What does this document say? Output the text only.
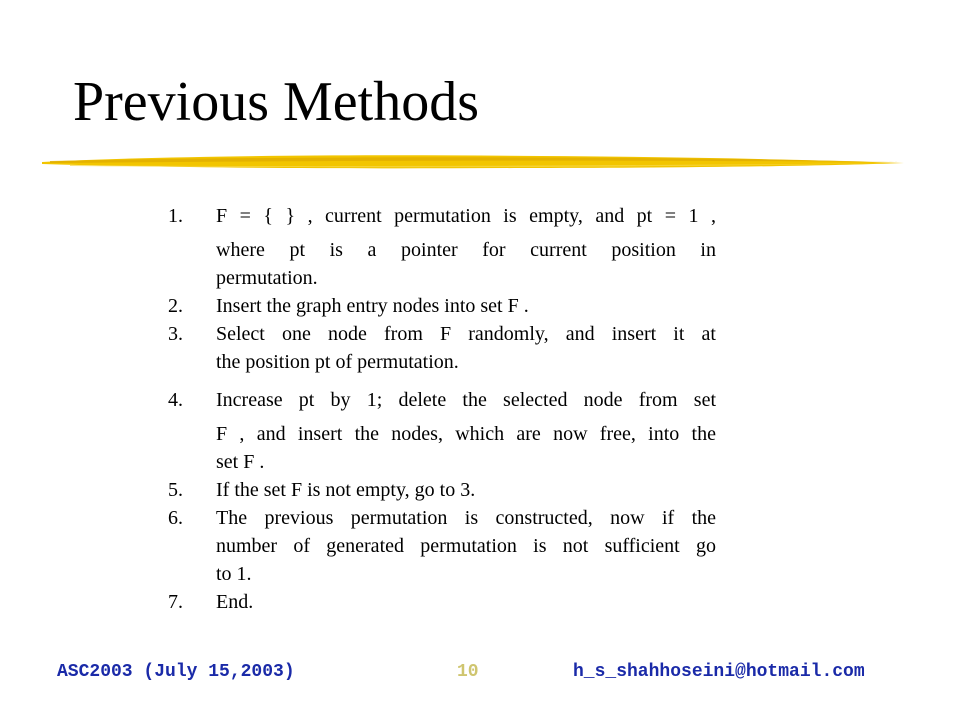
Previous Methods
1. F = { } , current permutation is empty, and pt = 1 ,
where pt is a pointer for current position in
permutation.
2. Insert the graph entry nodes into set F .
3. Select one node from F randomly, and insert it at
the position pt of permutation.
4. Increase pt by 1; delete the selected node from set
F , and insert the nodes, which are now free, into the
set F .
5. If the set F is not empty, go to 3.
6. The previous permutation is constructed, now if the
number of generated permutation is not sufficient go
to 1.
7. End.
ASC2003 (July 15,2003)	10	h_s_shahhoseini@hotmail.com
